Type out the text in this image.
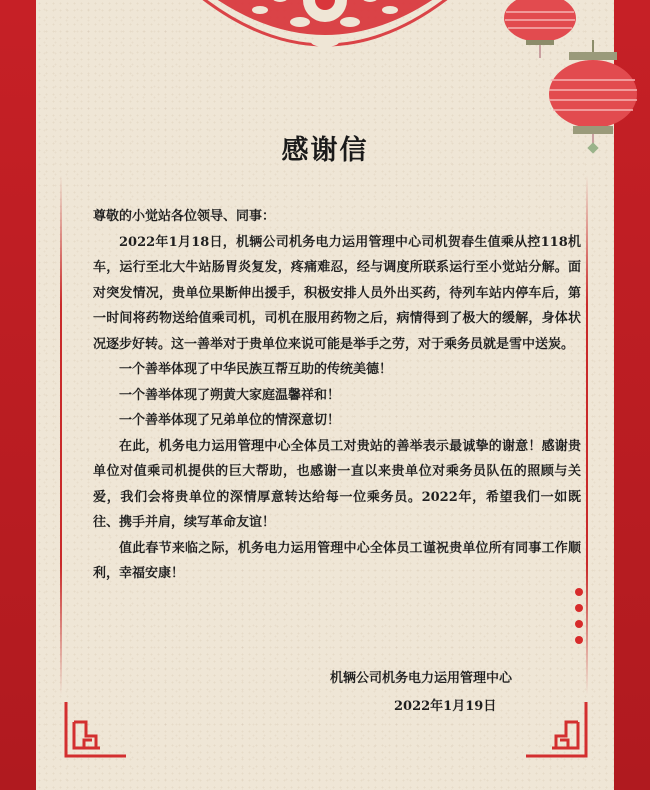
感谢信

尊敬的小觉站各位领导、同事：

2022年1月18日，机辆公司机务电力运用管理中心司机贺春生值乘从控118机车，运行至北大牛站肠胃炎复发，疼痛难忍，经与调度所联系运行至小觉站分解。面对突发情况，贵单位果断伸出援手，积极安排人员外出买药，待列车站内停车后，第一时间将药物送给值乘司机，司机在服用药物之后，病情得到了极大的缓解，身体状况逐步好转。这一善举对于贵单位来说可能是举手之劳，对于乘务员就是雪中送炭。

一个善举体现了中华民族互帮互助的传统美德！

一个善举体现了朔黄大家庭温馨祥和！

一个善举体现了兄弟单位的情深意切！

在此，机务电力运用管理中心全体员工对贵站的善举表示最诚挚的谢意！感谢贵单位对值乘司机提供的巨大帮助，也感谢一直以来贵单位对乘务员队伍的照顾与关爱，我们会将贵单位的深情厚意转达给每一位乘务员。2022年，希望我们一如既往、携手并肩，续写革命友谊！

值此春节来临之际，机务电力运用管理中心全体员工谨祝贵单位所有同事工作顺利，幸福安康！

机辆公司机务电力运用管理中心
2022年1月19日
